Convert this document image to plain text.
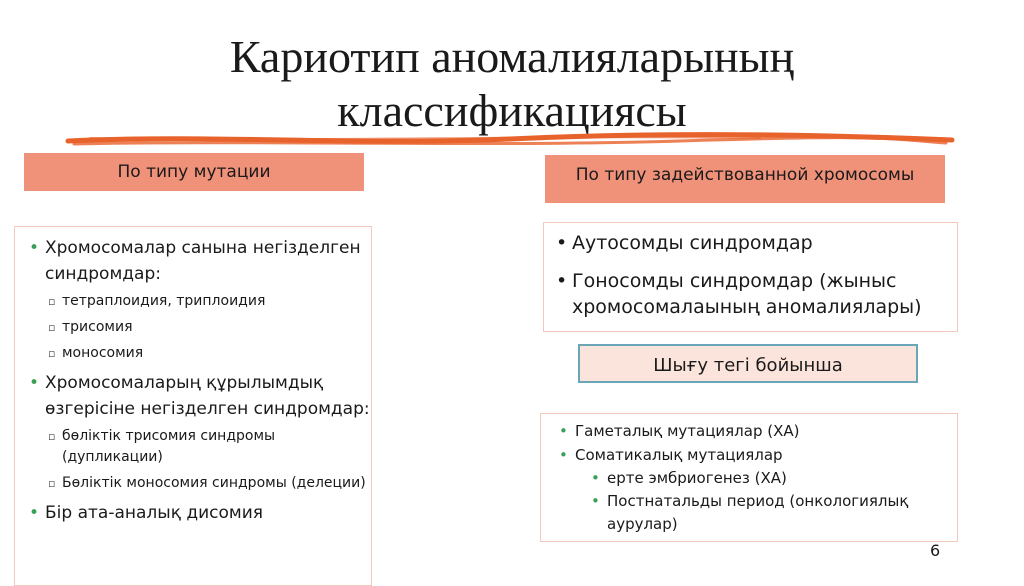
Кариотип аномалияларының
классификациясы
По типу мутации	По типу задействованной хромосомы
• Хромосомалар санына негізделген синдромдар:
▫ тетраплоидия, триплоидия
▫ трисомия
▫ моносомия
• Хромосомаларың құрылымдық өзгерісіне негізделген синдромдар:
▫ бөліктік трисомия синдромы (дупликации)
▫ Бөліктік моносомия синдромы (делеции)
• Бір ата-аналық дисомия
• Аутосомды синдромдар
• Гоносомды синдромдар (жыныс хромосомалаының аномалиялары)
Шығу тегі бойынша
• Гаметалық мутациялар (ХА)
• Соматикалық мутациялар
• ерте эмбриогенез (ХА)
• Постнатальды период (онкологиялық аурулар)
6
